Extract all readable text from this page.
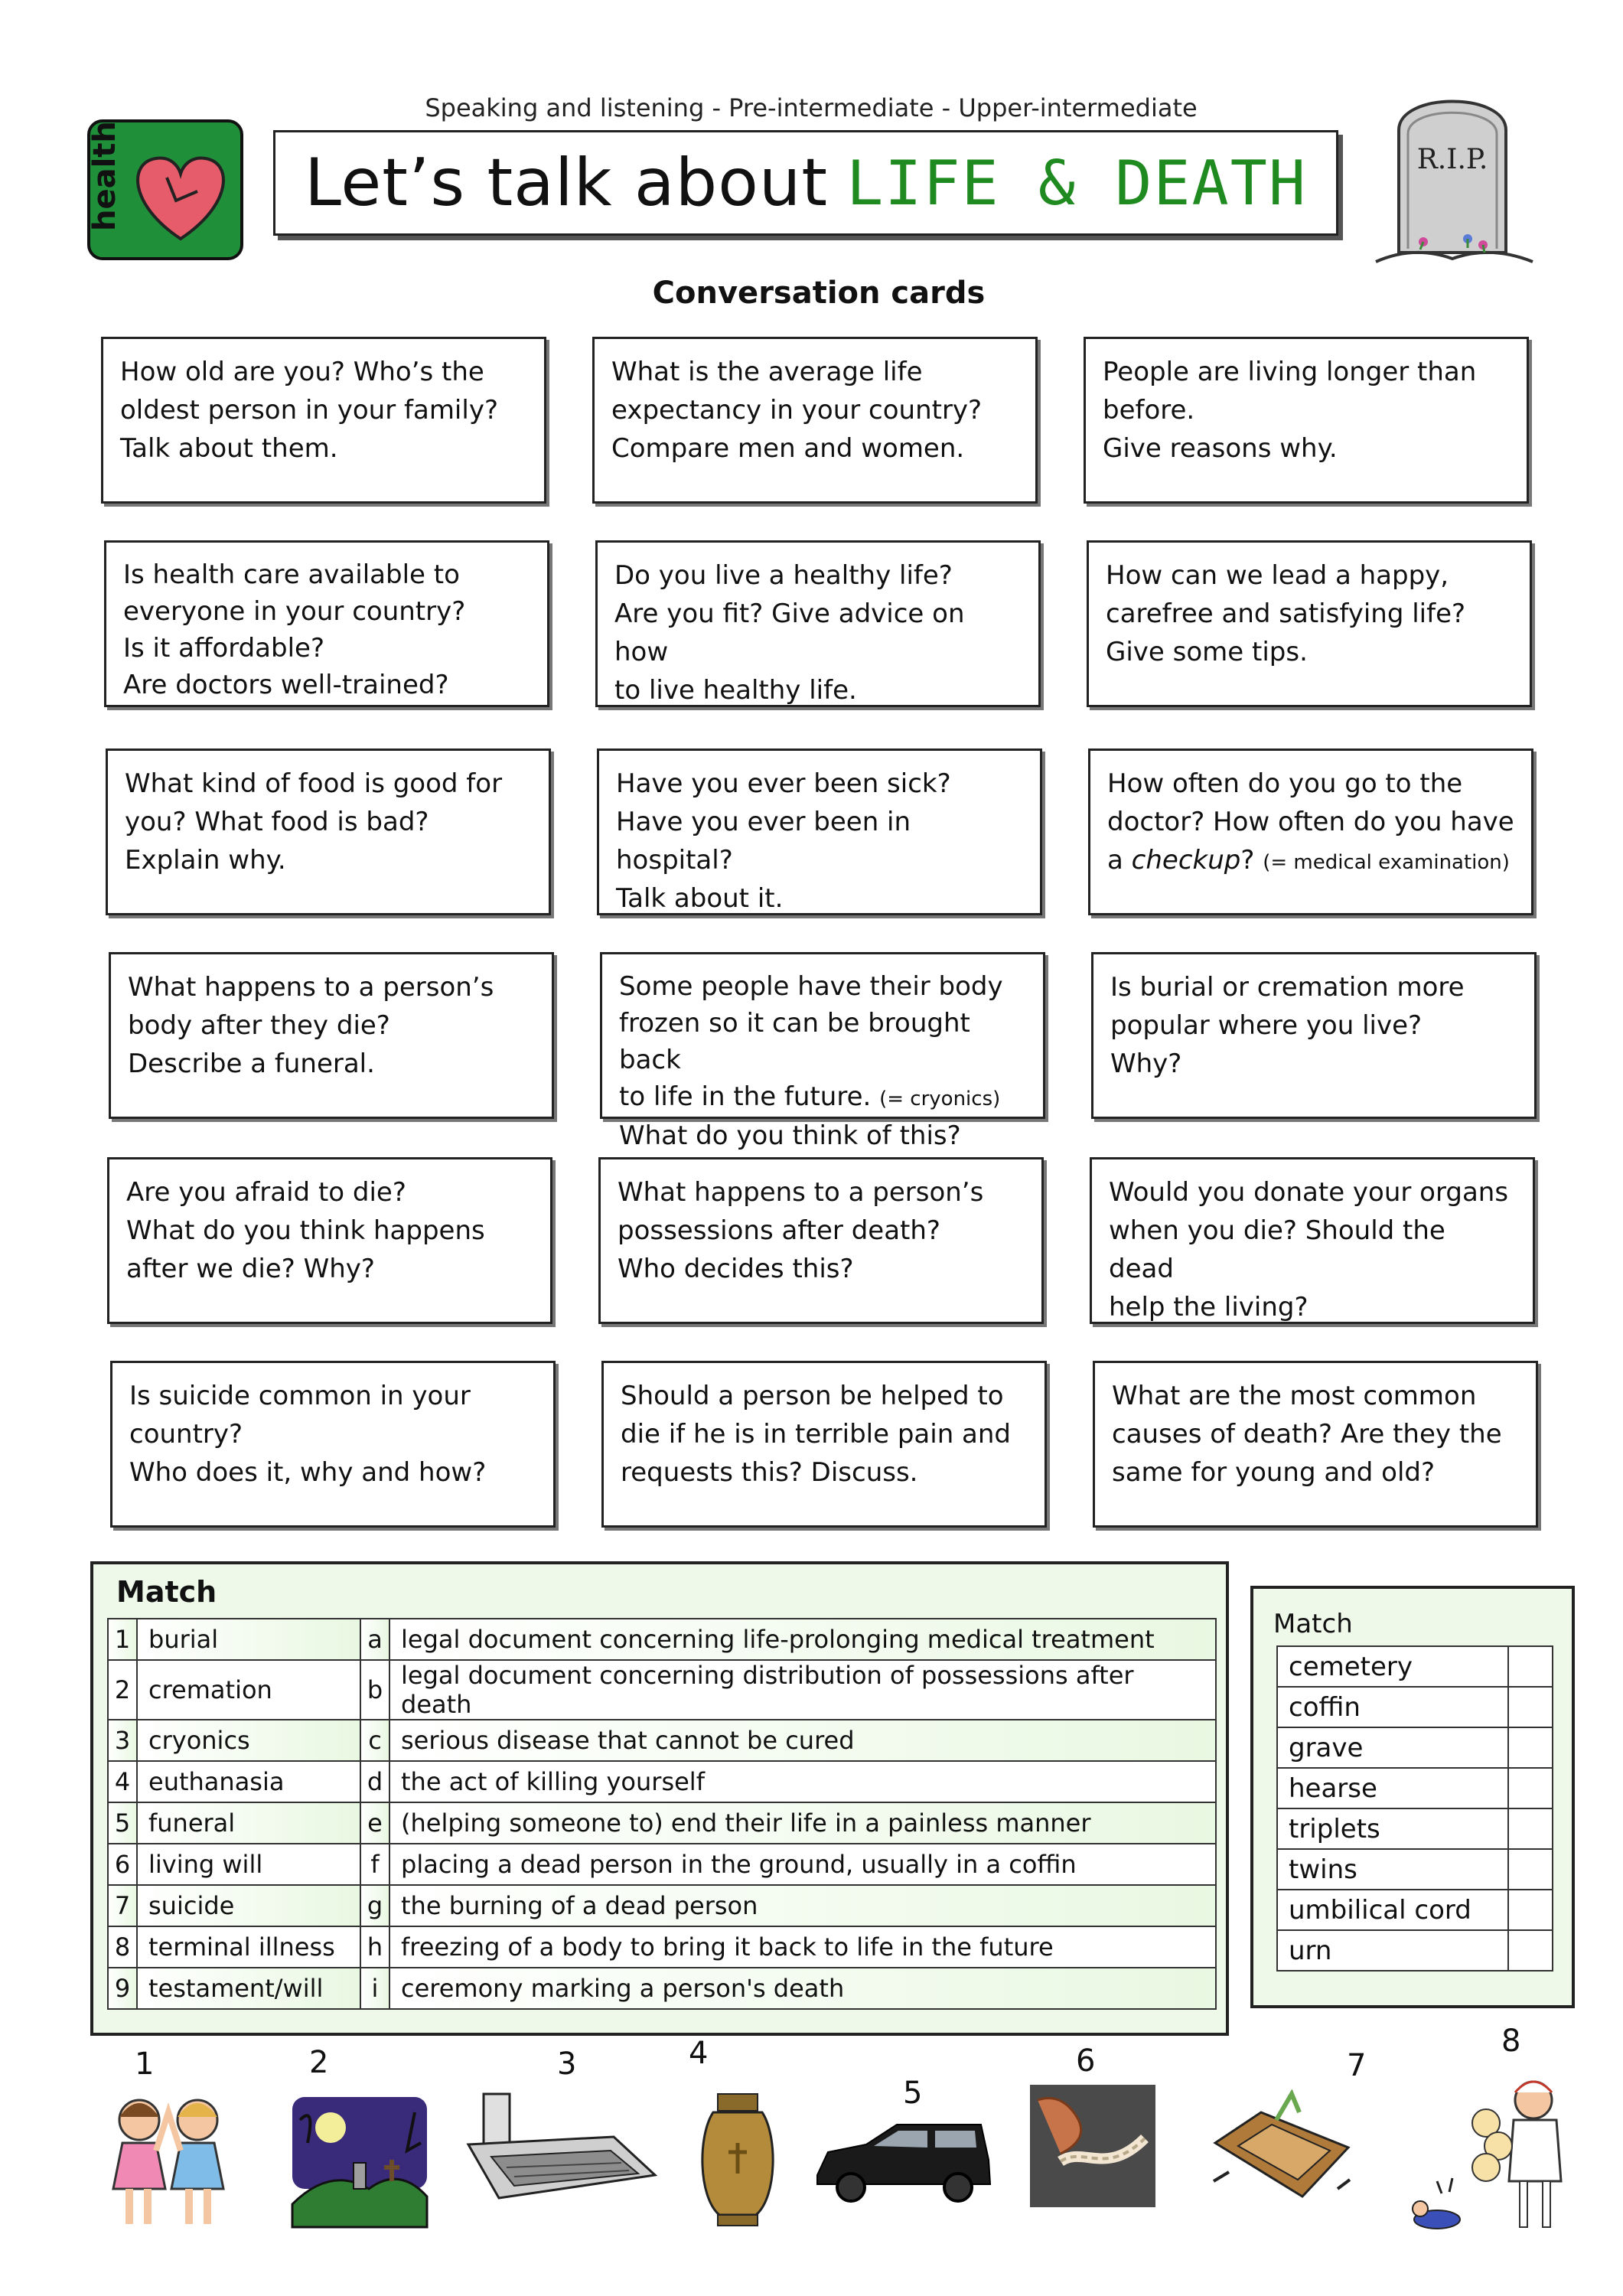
Speaking and listening - Pre-intermediate - Upper-intermediate
health	Let’s talk about LIFE & DEATH	R.I.P.
Conversation cards

How old are you? Who’s the
oldest person in your family?
Talk about them.

What is the average life
expectancy in your country?
Compare men and women.

People are living longer than
before.
Give reasons why.

Is health care available to
everyone in your country?
Is it affordable?
Are doctors well-trained?

Do you live a healthy life?
Are you fit? Give advice on how
to live healthy life.

How can we lead a happy,
carefree and satisfying life?
Give some tips.

What kind of food is good for
you? What food is bad?
Explain why.

Have you ever been sick?
Have you ever been in hospital?
Talk about it.

How often do you go to the
doctor? How often do you have
a checkup? (= medical examination)

What happens to a person’s
body after they die?
Describe a funeral.

Some people have their body
frozen so it can be brought back
to life in the future. (= cryonics)
What do you think of this?

Is burial or cremation more
popular where you live?
Why?

Are you afraid to die?
What do you think happens
after we die? Why?

What happens to a person’s
possessions after death?
Who decides this?

Would you donate your organs
when you die? Should the dead
help the living?

Is suicide common in your
country?
Who does it, why and how?

Should a person be helped to
die if he is in terrible pain and
requests this? Discuss.

What are the most common
causes of death? Are they the
same for young and old?

Match
1	burial	a	legal document concerning life-prolonging medical treatment
2	cremation	b	legal document concerning distribution of possessions after death
3	cryonics	c	serious disease that cannot be cured
4	euthanasia	d	the act of killing yourself
5	funeral	e	(helping someone to) end their life in a painless manner
6	living will	f	placing a dead person in the ground, usually in a coffin
7	suicide	g	the burning of a dead person
8	terminal illness	h	freezing of a body to bring it back to life in the future
9	testament/will	i	ceremony marking a person's death
Match
cemetery	
coffin	
grave	
hearse	
triplets	
twins	
umbilical cord	
urn	
1	2	3	4
5
6	7
8
